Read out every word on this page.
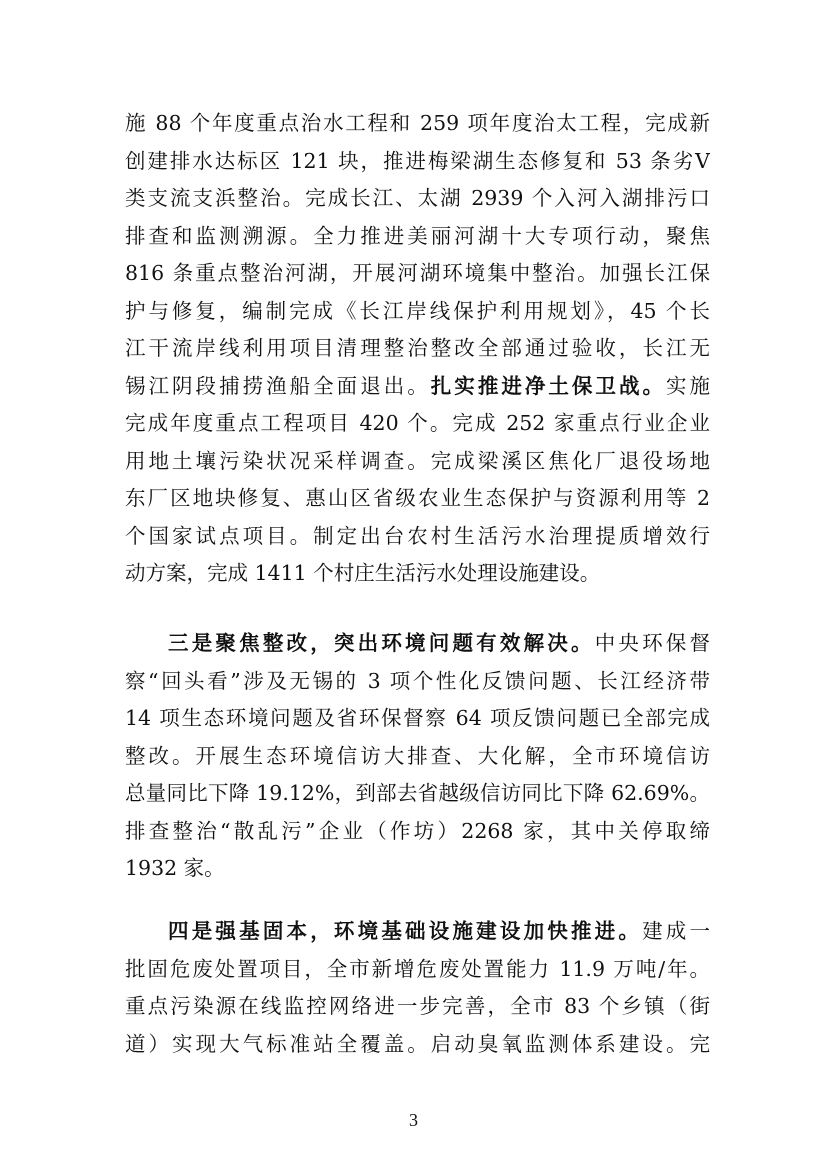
施 88 个年度重点治水工程和 259 项年度治太工程，完成新
创建排水达标区 121 块，推进梅梁湖生态修复和 53 条劣Ⅴ
类支流支浜整治。完成长江、太湖 2939 个入河入湖排污口
排查和监测溯源。全力推进美丽河湖十大专项行动，聚焦
816 条重点整治河湖，开展河湖环境集中整治。加强长江保
护与修复，编制完成《长江岸线保护利用规划》，45 个长
江干流岸线利用项目清理整治整改全部通过验收，长江无
锡江阴段捕捞渔船全面退出。扎实推进净土保卫战。实施
完成年度重点工程项目 420 个。完成 252 家重点行业企业
用地土壤污染状况采样调查。完成梁溪区焦化厂退役场地
东厂区地块修复、惠山区省级农业生态保护与资源利用等 2
个国家试点项目。制定出台农村生活污水治理提质增效行
动方案，完成 1411 个村庄生活污水处理设施建设。
三是聚焦整改，突出环境问题有效解决。中央环保督
察“回头看”涉及无锡的 3 项个性化反馈问题、长江经济带
14 项生态环境问题及省环保督察 64 项反馈问题已全部完成
整改。开展生态环境信访大排查、大化解，全市环境信访
总量同比下降 19.12%，到部去省越级信访同比下降 62.69%。
排查整治“散乱污”企业（作坊）2268 家，其中关停取缔
1932 家。
四是强基固本，环境基础设施建设加快推进。建成一
批固危废处置项目，全市新增危废处置能力 11.9 万吨/年。
重点污染源在线监控网络进一步完善，全市 83 个乡镇（街
道）实现大气标准站全覆盖。启动臭氧监测体系建设。完
3
